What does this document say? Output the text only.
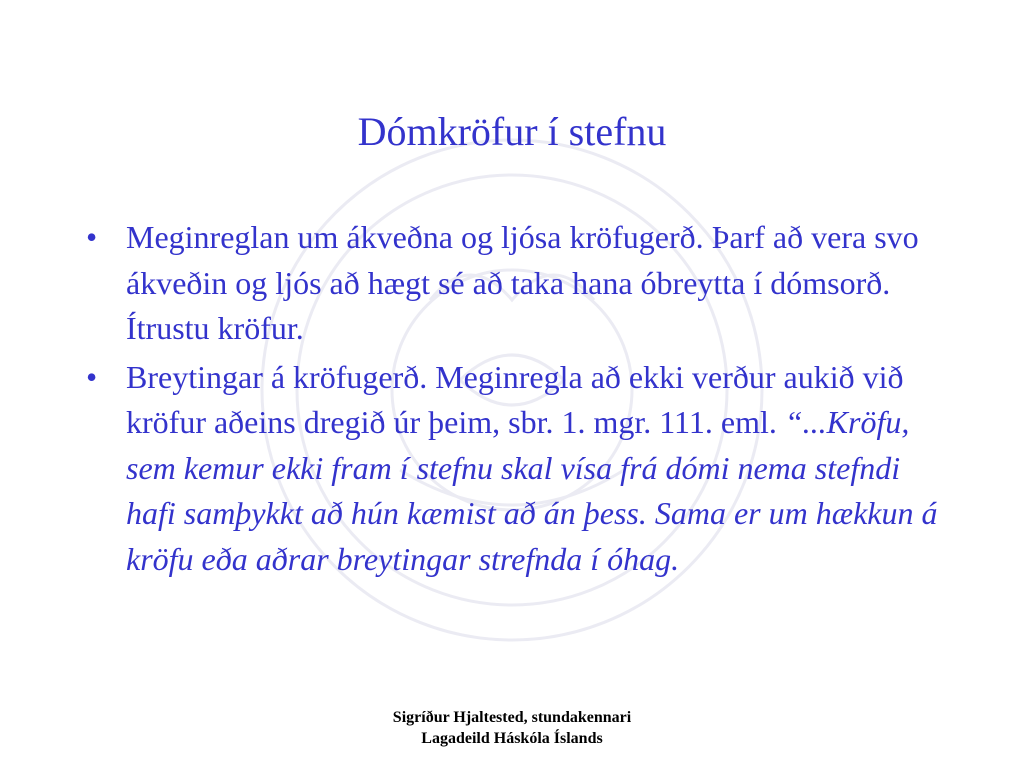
Dómkröfur í stefnu
• Meginreglan um ákveðna og ljósa kröfugerð. Þarf að vera svo ákveðin og ljós að hægt sé að taka hana óbreytta í dómsorð. Ítrustu kröfur.
• Breytingar á kröfugerð. Meginregla að ekki verður aukið við kröfur aðeins dregið úr þeim, sbr. 1. mgr. 111. eml. “...Kröfu, sem kemur ekki fram í stefnu skal vísa frá dómi nema stefndi hafi samþykkt að hún kæmist að án þess. Sama er um hækkun á kröfu eða aðrar breytingar strefnda í óhag.
Sigríður Hjaltested, stundakennari
Lagadeild Háskóla Íslands
